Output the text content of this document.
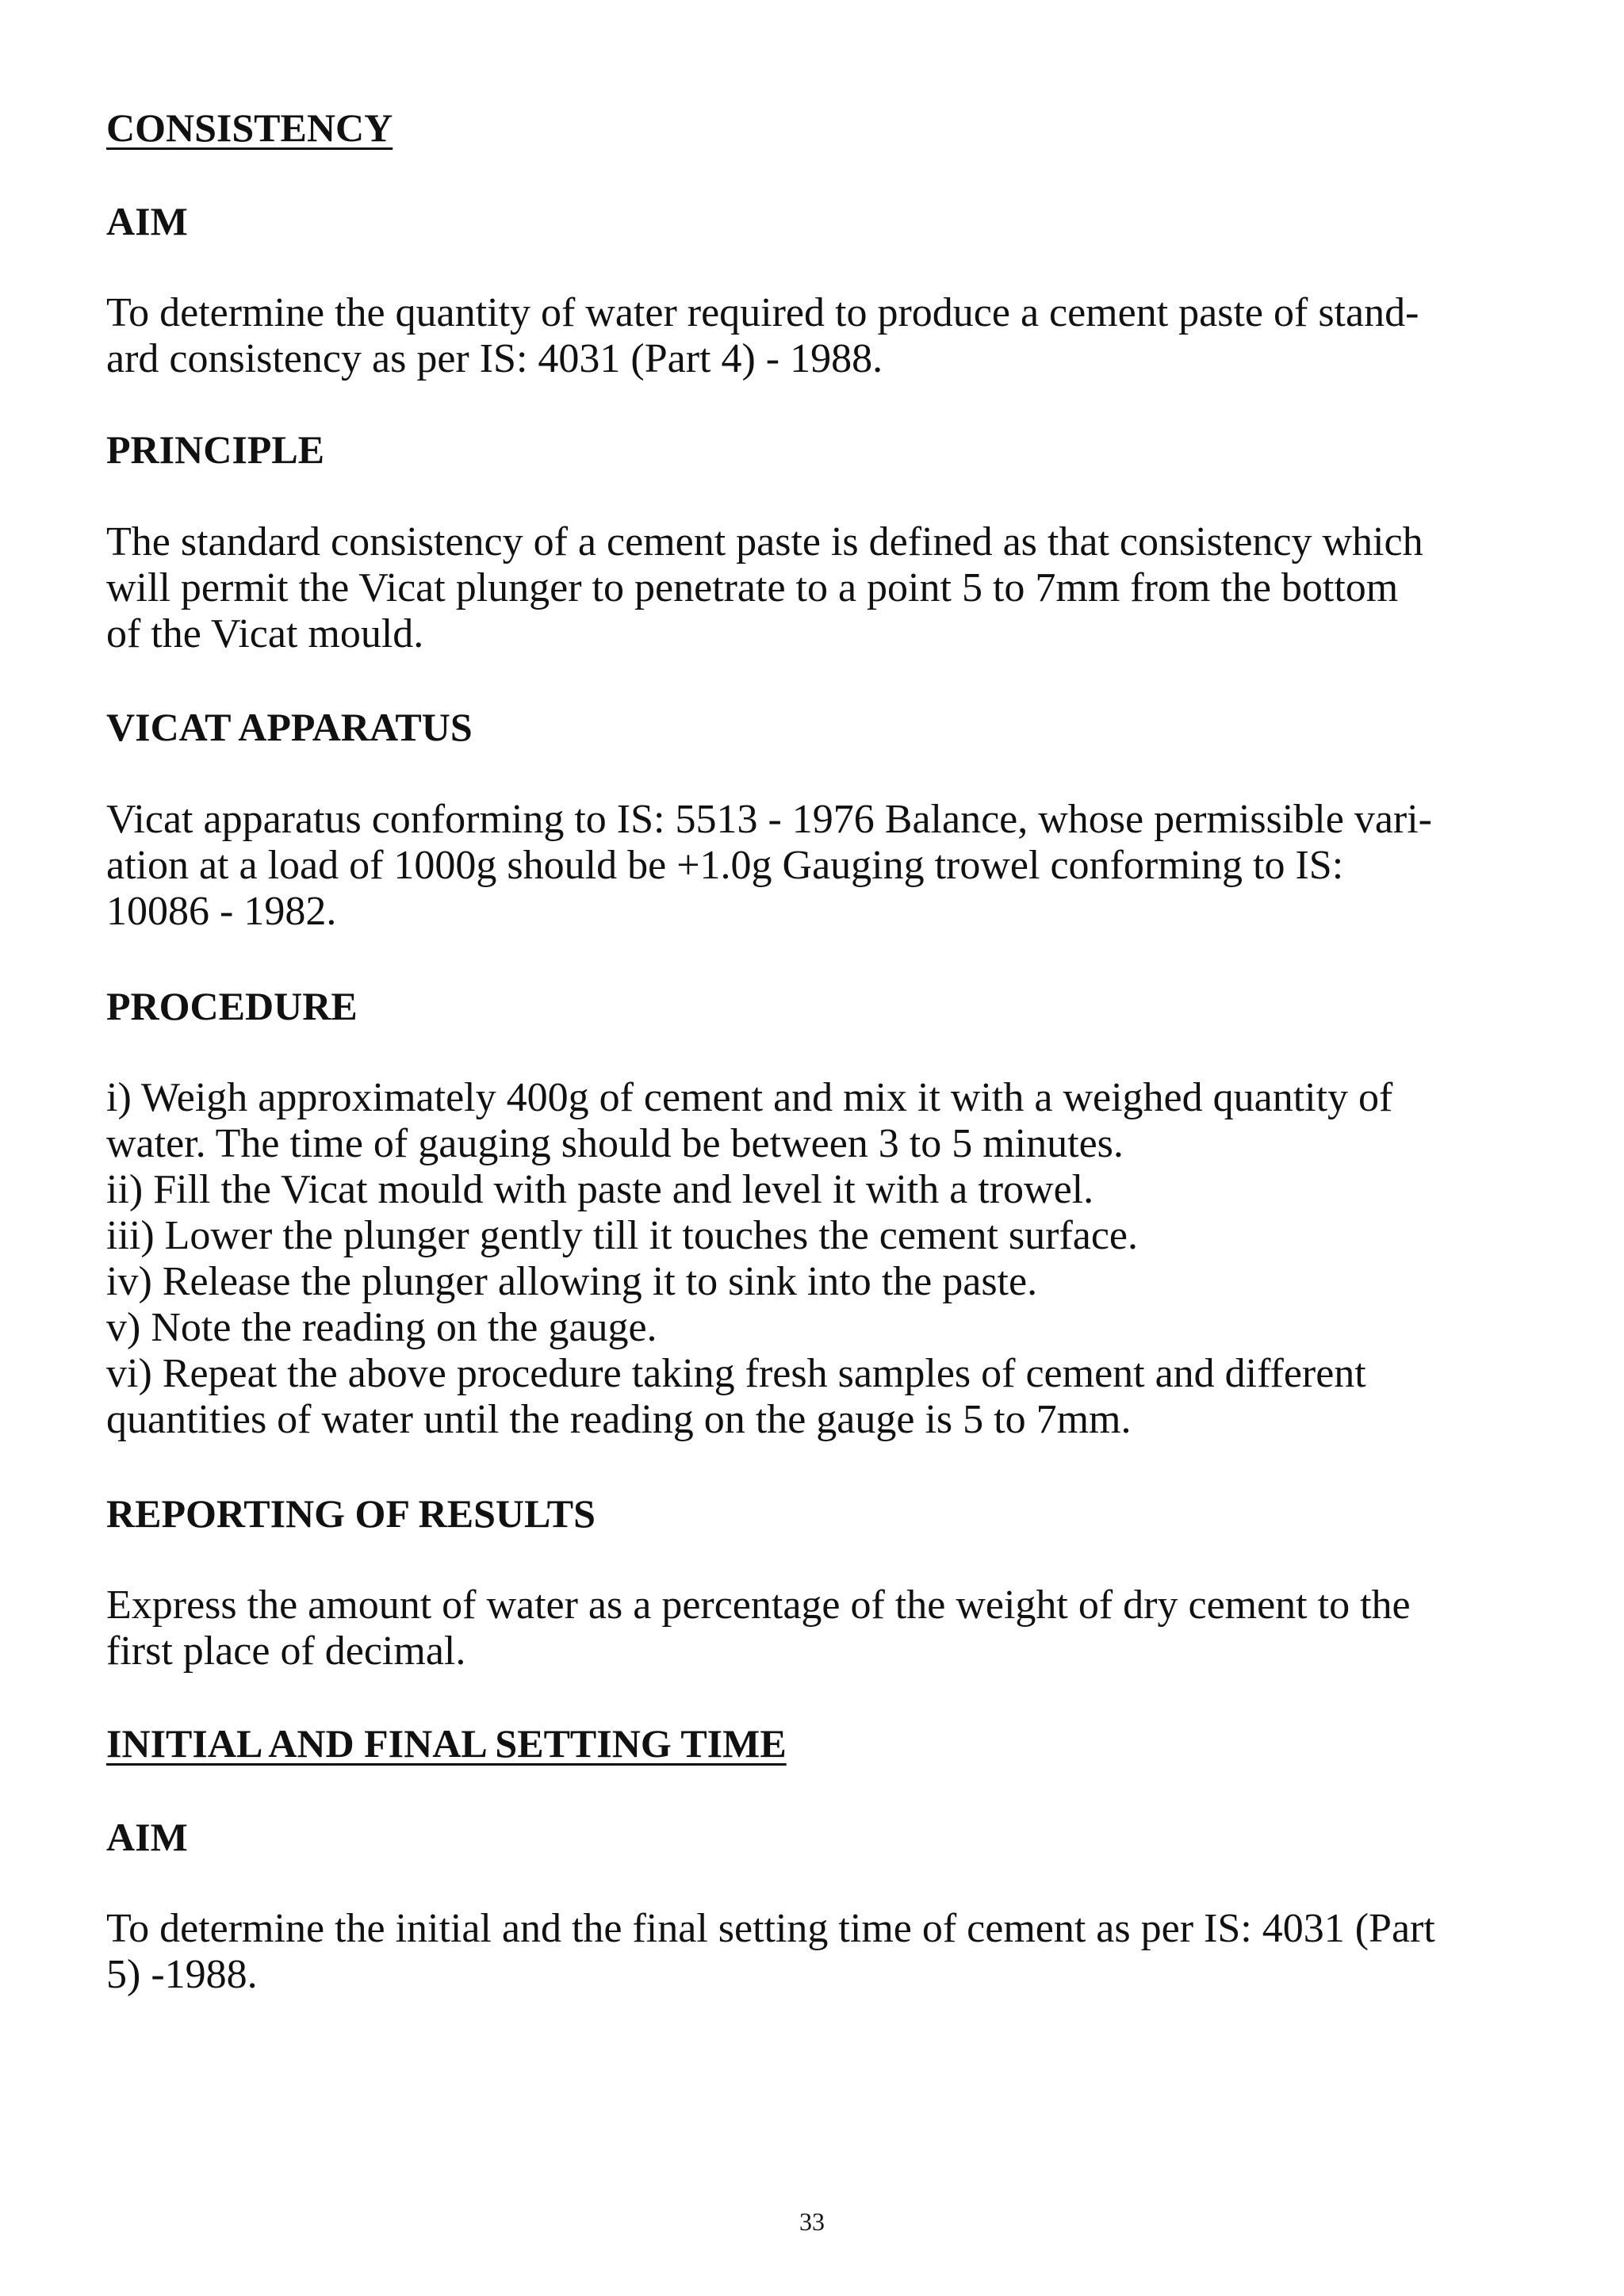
CONSISTENCY
AIM
To determine the quantity of water required to produce a cement paste of stand-
ard consistency as per IS: 4031 (Part 4) - 1988.
PRINCIPLE
The standard consistency of a cement paste is defined as that consistency which
will permit the Vicat plunger to penetrate to a point 5 to 7mm from the bottom
of the Vicat mould.
VICAT APPARATUS
Vicat apparatus conforming to IS: 5513 - 1976 Balance, whose permissible vari-
ation at a load of 1000g should be +1.0g Gauging trowel conforming to IS:
10086 - 1982.
PROCEDURE
i) Weigh approximately 400g of cement and mix it with a weighed quantity of
water. The time of gauging should be between 3 to 5 minutes.
ii) Fill the Vicat mould with paste and level it with a trowel.
iii) Lower the plunger gently till it touches the cement surface.
iv) Release the plunger allowing it to sink into the paste.
v) Note the reading on the gauge.
vi) Repeat the above procedure taking fresh samples of cement and different
quantities of water until the reading on the gauge is 5 to 7mm.
REPORTING OF RESULTS
Express the amount of water as a percentage of the weight of dry cement to the
first place of decimal.
INITIAL AND FINAL SETTING TIME
AIM
To determine the initial and the final setting time of cement as per IS: 4031 (Part
5) -1988.
33
